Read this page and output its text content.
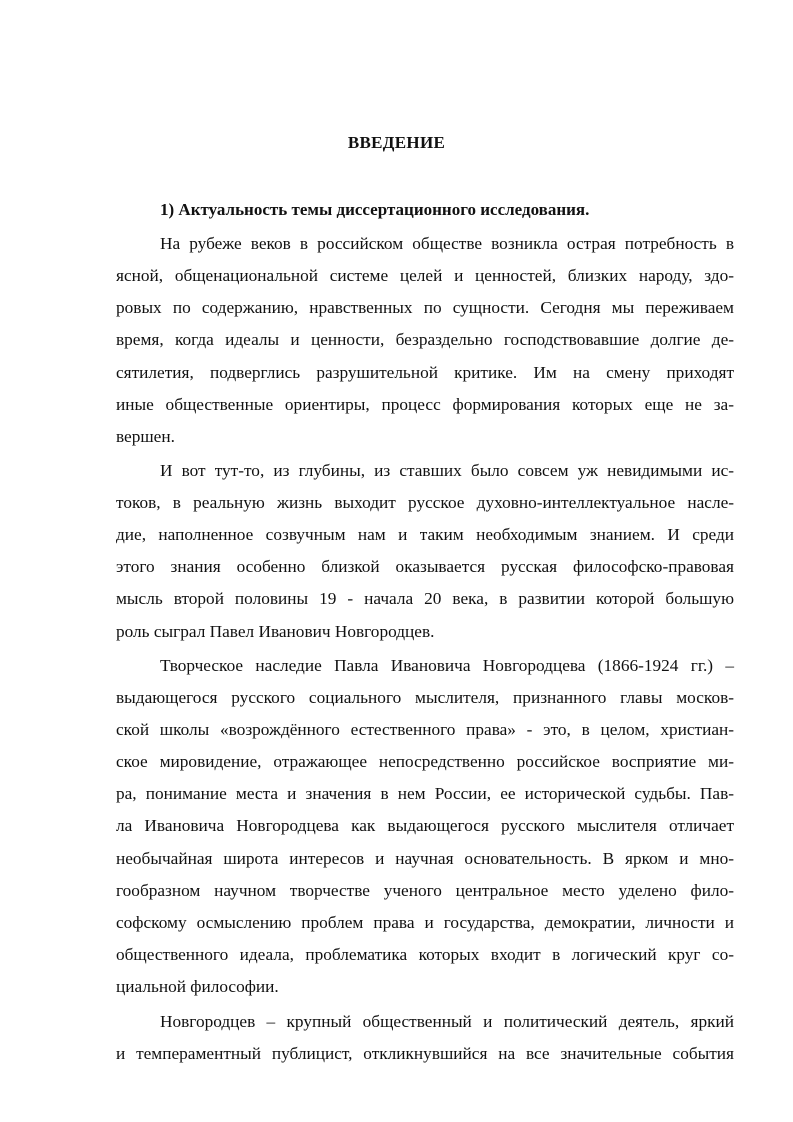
ВВЕДЕНИЕ
1) Актуальность темы диссертационного исследования.
На рубеже веков в российском обществе возникла острая потребность в
ясной, общенациональной системе целей и ценностей, близких народу, здо-
ровых по содержанию, нравственных по сущности. Сегодня мы переживаем
время, когда идеалы и ценности, безраздельно господствовавшие долгие де-
сятилетия, подверглись разрушительной критике. Им на смену приходят
иные общественные ориентиры, процесс формирования которых еще не за-
вершен.
И вот тут-то, из глубины, из ставших было совсем уж невидимыми ис-
токов, в реальную жизнь выходит русское духовно-интеллектуальное насле-
дие, наполненное созвучным нам и таким необходимым знанием. И среди
этого знания особенно близкой оказывается русская философско-правовая
мысль второй половины 19 - начала 20 века, в развитии которой большую
роль сыграл Павел Иванович Новгородцев.
Творческое наследие Павла Ивановича Новгородцева (1866-1924 гг.) –
выдающегося русского социального мыслителя, признанного главы москов-
ской школы «возрождённого естественного права» - это, в целом, христиан-
ское мировидение, отражающее непосредственно российское восприятие ми-
ра, понимание места и значения в нем России, ее исторической судьбы. Пав-
ла Ивановича Новгородцева как выдающегося русского мыслителя отличает
необычайная широта интересов и научная основательность. В ярком и мно-
гообразном научном творчестве ученого центральное место уделено фило-
софскому осмыслению проблем права и государства, демократии, личности и
общественного идеала, проблематика которых входит в логический круг со-
циальной философии.
Новгородцев – крупный общественный и политический деятель, яркий
и темпераментный публицист, откликнувшийся на все значительные события
